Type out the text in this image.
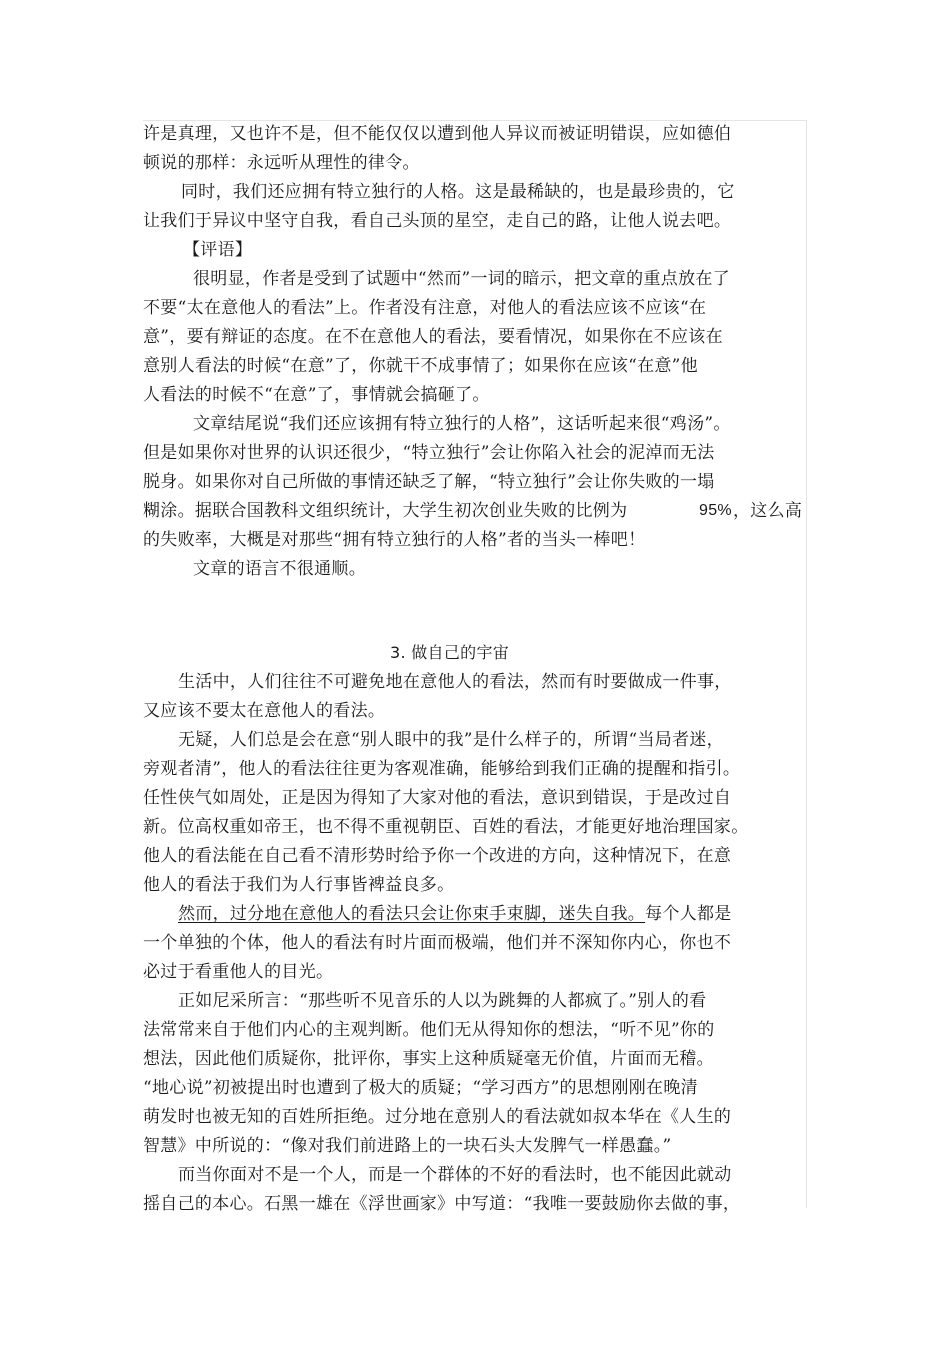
许是真理，又也许不是，但不能仅仅以遭到他人异议而被证明错误，应如德伯
顿说的那样：永远听从理性的律令。
同时，我们还应拥有特立独行的人格。这是最稀缺的，也是最珍贵的，它
让我们于异议中坚守自我，看自己头顶的星空，走自己的路，让他人说去吧。
【评语】
很明显，作者是受到了试题中“然而”一词的暗示，把文章的重点放在了
不要“太在意他人的看法”上。作者没有注意，对他人的看法应该不应该“在
意”，要有辩证的态度。在不在意他人的看法，要看情况，如果你在不应该在
意别人看法的时候“在意”了，你就干不成事情了；如果你在应该“在意”他
人看法的时候不“在意”了，事情就会搞砸了。
文章结尾说“我们还应该拥有特立独行的人格”，这话听起来很“鸡汤”。
但是如果你对世界的认识还很少，“特立独行”会让你陷入社会的泥淖而无法
脱身。如果你对自己所做的事情还缺乏了解，“特立独行”会让你失败的一塌
糊涂。据联合国教科文组织统计，大学生初次创业失败的比例为	95% ，这么高
的失败率，大概是对那些“拥有特立独行的人格”者的当头一棒吧！
文章的语言不很通顺。
3. 做自己的宇宙
生活中，人们往往不可避免地在意他人的看法，然而有时要做成一件事，
又应该不要太在意他人的看法。
无疑，人们总是会在意“别人眼中的我”是什么样子的，所谓“当局者迷，
旁观者清”，他人的看法往往更为客观准确，能够给到我们正确的提醒和指引。
任性侠气如周处，正是因为得知了大家对他的看法，意识到错误，于是改过自
新。位高权重如帝王，也不得不重视朝臣、百姓的看法，才能更好地治理国家。
他人的看法能在自己看不清形势时给予你一个改进的方向，这种情况下，在意
他人的看法于我们为人行事皆裨益良多。
然而，过分地在意他人的看法只会让你束手束脚，迷失自我。每个人都是
一个单独的个体，他人的看法有时片面而极端，他们并不深知你内心，你也不
必过于看重他人的目光。
正如尼采所言：“那些听不见音乐的人以为跳舞的人都疯了。”别人的看
法常常来自于他们内心的主观判断。他们无从得知你的想法，“听不见”你的
想法，因此他们质疑你，批评你，事实上这种质疑毫无价值，片面而无稽。
“地心说”初被提出时也遭到了极大的质疑；“学习西方”的思想刚刚在晚清
萌发时也被无知的百姓所拒绝。过分地在意别人的看法就如叔本华在《人生的
智慧》中所说的：“像对我们前进路上的一块石头大发脾气一样愚蠢。”
而当你面对不是一个人，而是一个群体的不好的看法时，也不能因此就动
摇自己的本心。石黑一雄在《浮世画家》中写道：“我唯一要鼓励你去做的事，
